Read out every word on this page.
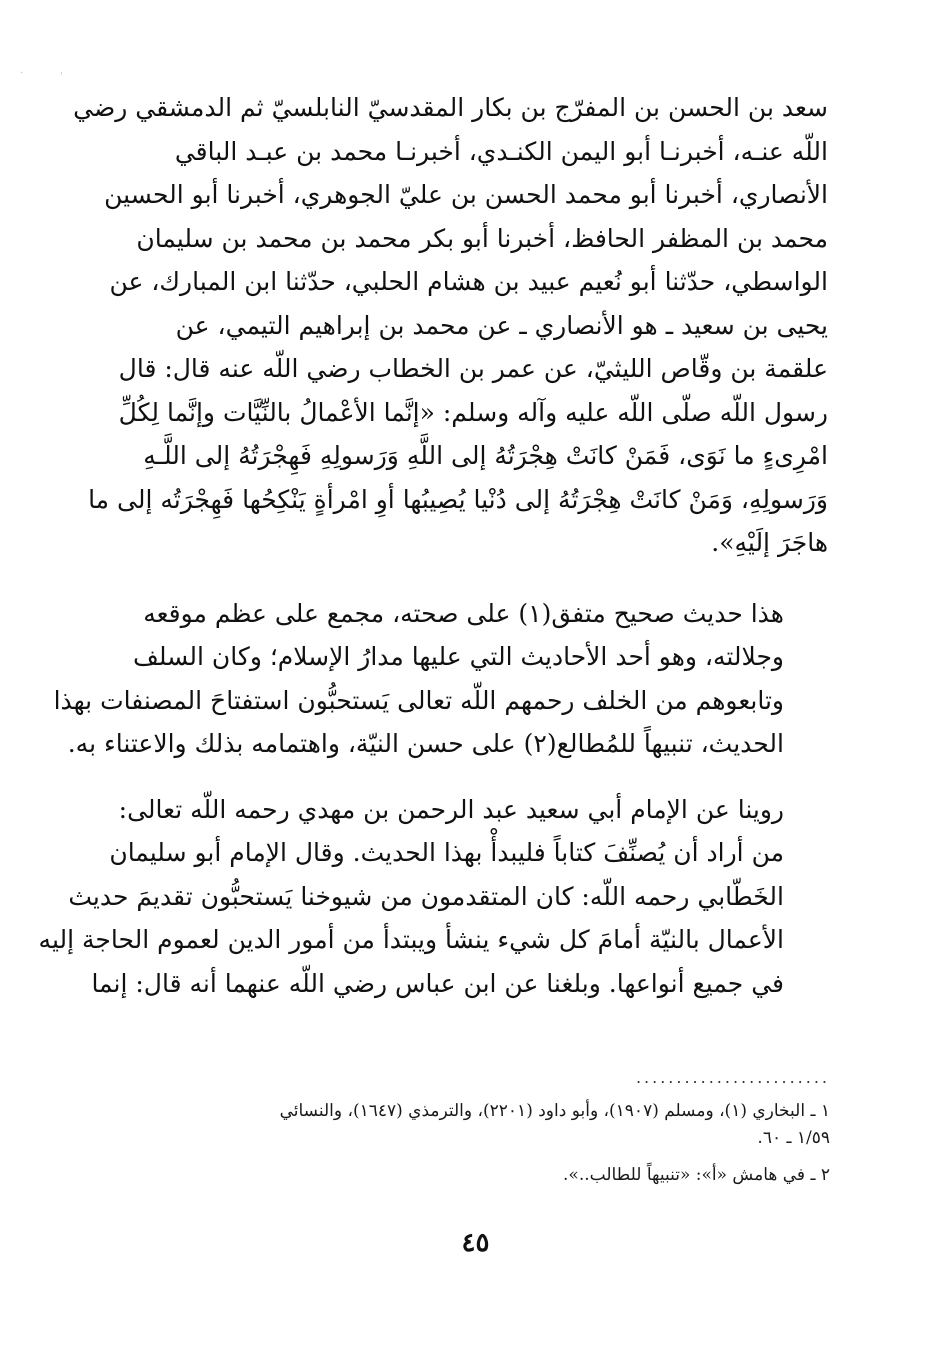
·	ˈ
سعد بن الحسن بن المفرّج بن بكار المقدسيّ النابلسيّ ثم الدمشقي رضي
اللّه عنـه، أخبرنـا أبو اليمن الكنـدي، أخبرنـا محمد بن عبـد الباقي
الأنصاري، أخبرنا أبو محمد الحسن بن عليّ الجوهري، أخبرنا أبو الحسين
محمد بن المظفر الحافظ، أخبرنا أبو بكر محمد بن محمد بن سليمان
الواسطي، حدّثنا أبو نُعيم عبيد بن هشام الحلبي، حدّثنا ابن المبارك، عن
يحيى بن سعيد ـ هو الأنصاري ـ عن محمد بن إبراهيم التيمي، عن
علقمة بن وقّاص الليثيّ، عن عمر بن الخطاب رضي اللّه عنه قال: قال
رسول اللّه صلّى اللّه عليه وآله وسلم: «إنَّما الأعْمالُ بالنِّيَّات وإنَّما لِكُلِّ
امْرِىءٍ ما نَوَى، فَمَنْ كانَتْ هِجْرَتُهُ إلى اللَّهِ وَرَسولِهِ فَهِجْرَتُهُ إلى اللَّـهِ
وَرَسولِهِ، وَمَنْ كانَتْ هِجْرَتُهُ إلى دُنْيا يُصِيبُها أوِ امْرأةٍ يَنْكِحُها فَهِجْرَتُه إلى ما
هاجَرَ إلَيْهِ».
هذا حديث صحيح متفق(١) على صحته، مجمع على عظم موقعه
وجلالته، وهو أحد الأحاديث التي عليها مدارُ الإسلام؛ وكان السلف
وتابعوهم من الخلف رحمهم اللّه تعالى يَستحبُّون استفتاحَ المصنفات بهذا
الحديث، تنبيهاً للمُطالع(٢) على حسن النيّة، واهتمامه بذلك والاعتناء به.
روينا عن الإمام أبي سعيد عبد الرحمن بن مهدي رحمه اللّه تعالى:
من أراد أن يُصنِّفَ كتاباً فليبدأْ بهذا الحديث. وقال الإمام أبو سليمان
الخَطّابي رحمه اللّه: كان المتقدمون من شيوخنا يَستحبُّون تقديمَ حديث
الأعمال بالنيّة أمامَ كل شيء ينشأ ويبتدأ من أمور الدين لعموم الحاجة إليه
في جميع أنواعها. وبلغنا عن ابن عباس رضي اللّه عنهما أنه قال: إنما
........................
١ ـ البخاري (١)، ومسلم (١٩٠٧)، وأبو داود (٢٢٠١)، والترمذي (١٦٤٧)، والنسائي
١/٥٩ ـ ٦٠.
٢ ـ في هامش «أ»: «تنبيهاً للطالب..».
٤٥
